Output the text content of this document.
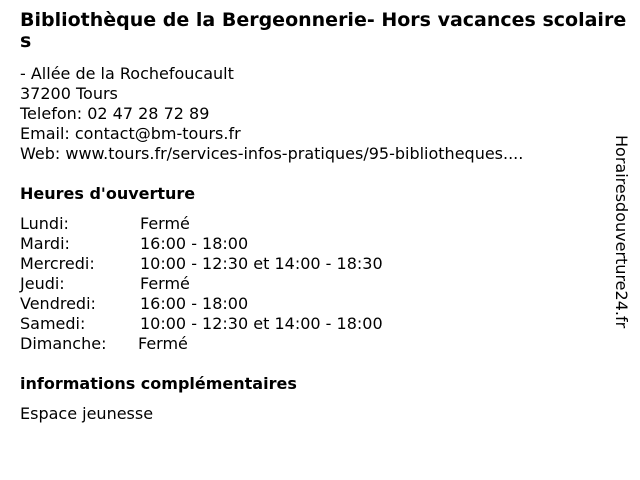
Bibliothèque de la Bergeonnerie- Hors vacances scolaires
- Allée de la Rochefoucault
37200 Tours
Telefon: 02 47 28 72 89
Email: contact@bm-tours.fr
Web: www.tours.fr/services-infos-pratiques/95-bibliotheques....
Heures d'ouverture
Lundi:	Fermé
Mardi:	16:00 - 18:00
Mercredi:	10:00 - 12:30 et 14:00 - 18:30
Jeudi:	Fermé
Vendredi:	16:00 - 18:00
Samedi:	10:00 - 12:30 et 14:00 - 18:00
Dimanche: Fermé
informations complémentaires
Espace jeunesse
Horairesdouverture24.fr
